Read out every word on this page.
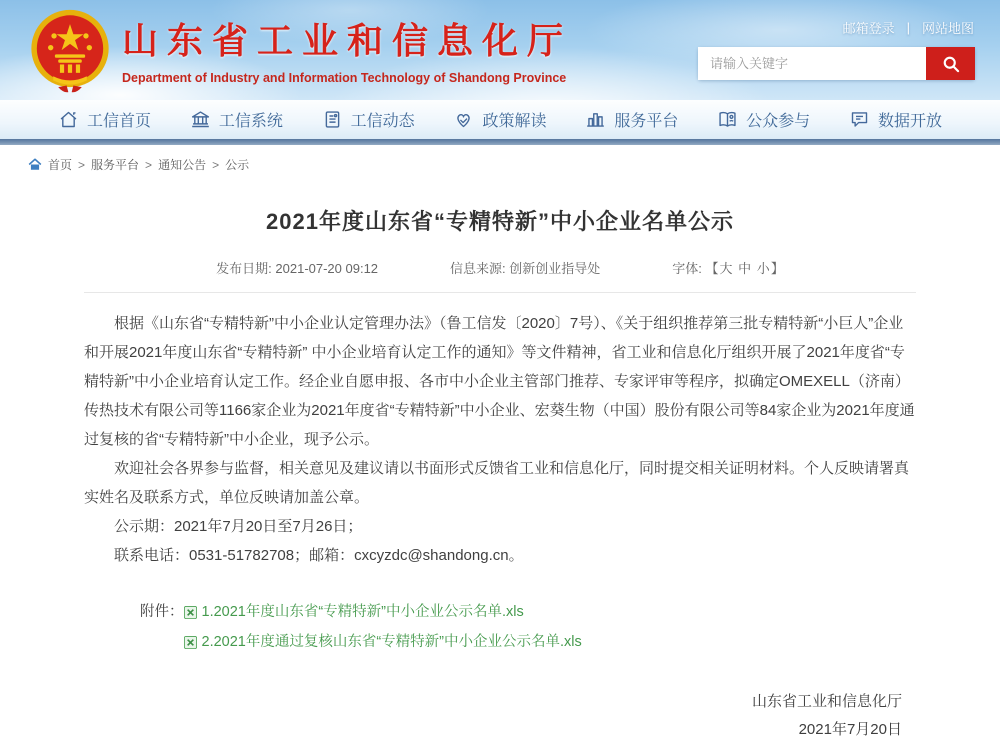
山东省工业和信息化厅
Department of Industry and Information Technology of Shandong Province
邮箱登录 | 网站地图
请输入关键字
工信首页	工信系统	工信动态	政策解读	服务平台	公众参与	数据开放
首页 > 服务平台 > 通知公告 > 公示
2021年度山东省“专精特新”中小企业名单公示
发布日期: 2021-07-20 09:12	信息来源: 创新创业指导处	字体: 【大 中 小】

根据《山东省“专精特新”中小企业认定管理办法》（鲁工信发〔2020〕7号）、《关于组织推荐第三批专精特新“小巨人”企业和开展2021年度山东省“专精特新” 中小企业培育认定工作的通知》等文件精神，省工业和信息化厅组织开展了2021年度省“专精特新”中小企业培育认定工作。经企业自愿申报、各市中小企业主管部门推荐、专家评审等程序，拟确定OMEXELL（济南）传热技术有限公司等1166家企业为2021年度省“专精特新”中小企业、宏葵生物（中国）股份有限公司等84家企业为2021年度通过复核的省“专精特新”中小企业，现予公示。

欢迎社会各界参与监督，相关意见及建议请以书面形式反馈省工业和信息化厅，同时提交相关证明材料。个人反映请署真实姓名及联系方式，单位反映请加盖公章。

公示期：2021年7月20日至7月26日；

联系电话：0531-51782708；邮箱：cxcyzdc@shandong.cn。

附件： 1.2021年度山东省“专精特新”中小企业公示名单.xls
2.2021年度通过复核山东省“专精特新”中小企业公示名单.xls
山东省工业和信息化厅
2021年7月20日
